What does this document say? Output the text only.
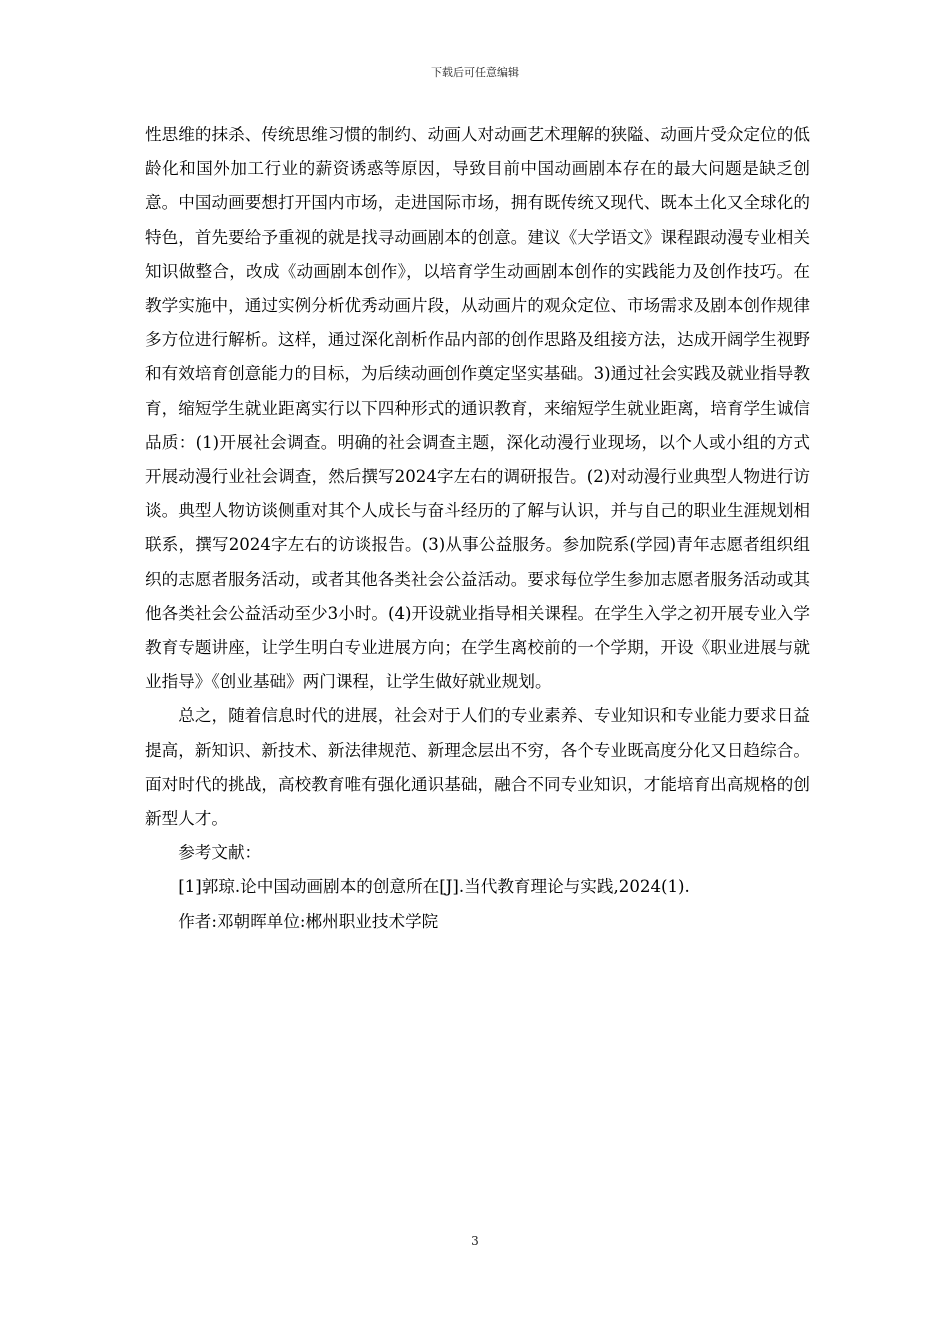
下载后可任意编辑

性思维的抹杀、传统思维习惯的制约、动画人对动画艺术理解的狭隘、动画片受众定位的低龄化和国外加工行业的薪资诱惑等原因，导致目前中国动画剧本存在的最大问题是缺乏创意。中国动画要想打开国内市场，走进国际市场，拥有既传统又现代、既本土化又全球化的特色，首先要给予重视的就是找寻动画剧本的创意。建议《大学语文》课程跟动漫专业相关知识做整合，改成《动画剧本创作》，以培育学生动画剧本创作的实践能力及创作技巧。在教学实施中，通过实例分析优秀动画片段，从动画片的观众定位、市场需求及剧本创作规律多方位进行解析。这样，通过深化剖析作品内部的创作思路及组接方法，达成开阔学生视野和有效培育创意能力的目标，为后续动画创作奠定坚实基础。3)通过社会实践及就业指导教育，缩短学生就业距离实行以下四种形式的通识教育，来缩短学生就业距离，培育学生诚信品质：(1)开展社会调查。明确的社会调查主题，深化动漫行业现场，以个人或小组的方式开展动漫行业社会调查，然后撰写2024字左右的调研报告。(2)对动漫行业典型人物进行访谈。典型人物访谈侧重对其个人成长与奋斗经历的了解与认识，并与自己的职业生涯规划相联系，撰写2024字左右的访谈报告。(3)从事公益服务。参加院系(学园)青年志愿者组织组织的志愿者服务活动，或者其他各类社会公益活动。要求每位学生参加志愿者服务活动或其他各类社会公益活动至少3小时。(4)开设就业指导相关课程。在学生入学之初开展专业入学教育专题讲座，让学生明白专业进展方向；在学生离校前的一个学期，开设《职业进展与就业指导》《创业基础》两门课程，让学生做好就业规划。

总之，随着信息时代的进展，社会对于人们的专业素养、专业知识和专业能力要求日益提高，新知识、新技术、新法律规范、新理念层出不穷，各个专业既高度分化又日趋综合。面对时代的挑战，高校教育唯有强化通识基础，融合不同专业知识，才能培育出高规格的创新型人才。

参考文献：

[1]郭琼.论中国动画剧本的创意所在[J].当代教育理论与实践,2024(1).

作者:邓朝晖单位:郴州职业技术学院

3
